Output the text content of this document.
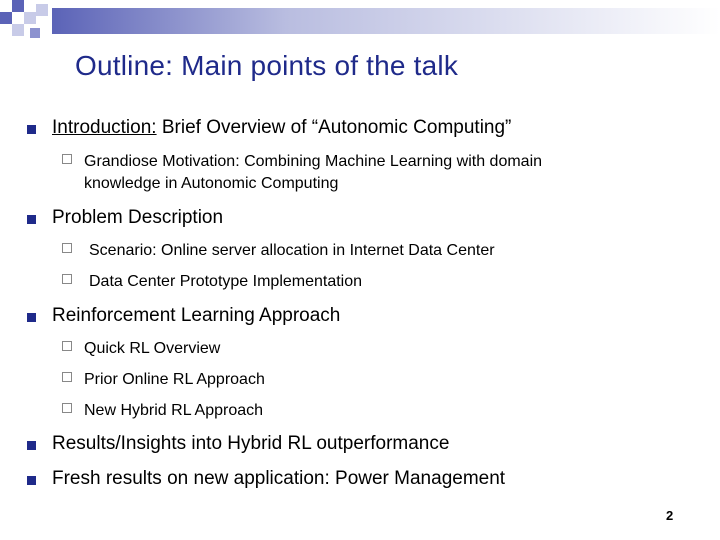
Outline: Main points of the talk
Introduction: Brief Overview of “Autonomic Computing”
Grandiose Motivation: Combining Machine Learning with domain
knowledge in Autonomic Computing
Problem Description
Scenario: Online server allocation in Internet Data Center
Data Center Prototype Implementation
Reinforcement Learning Approach
Quick RL Overview
Prior Online RL Approach
New Hybrid RL Approach
Results/Insights into Hybrid RL outperformance
Fresh results on new application: Power Management
2
